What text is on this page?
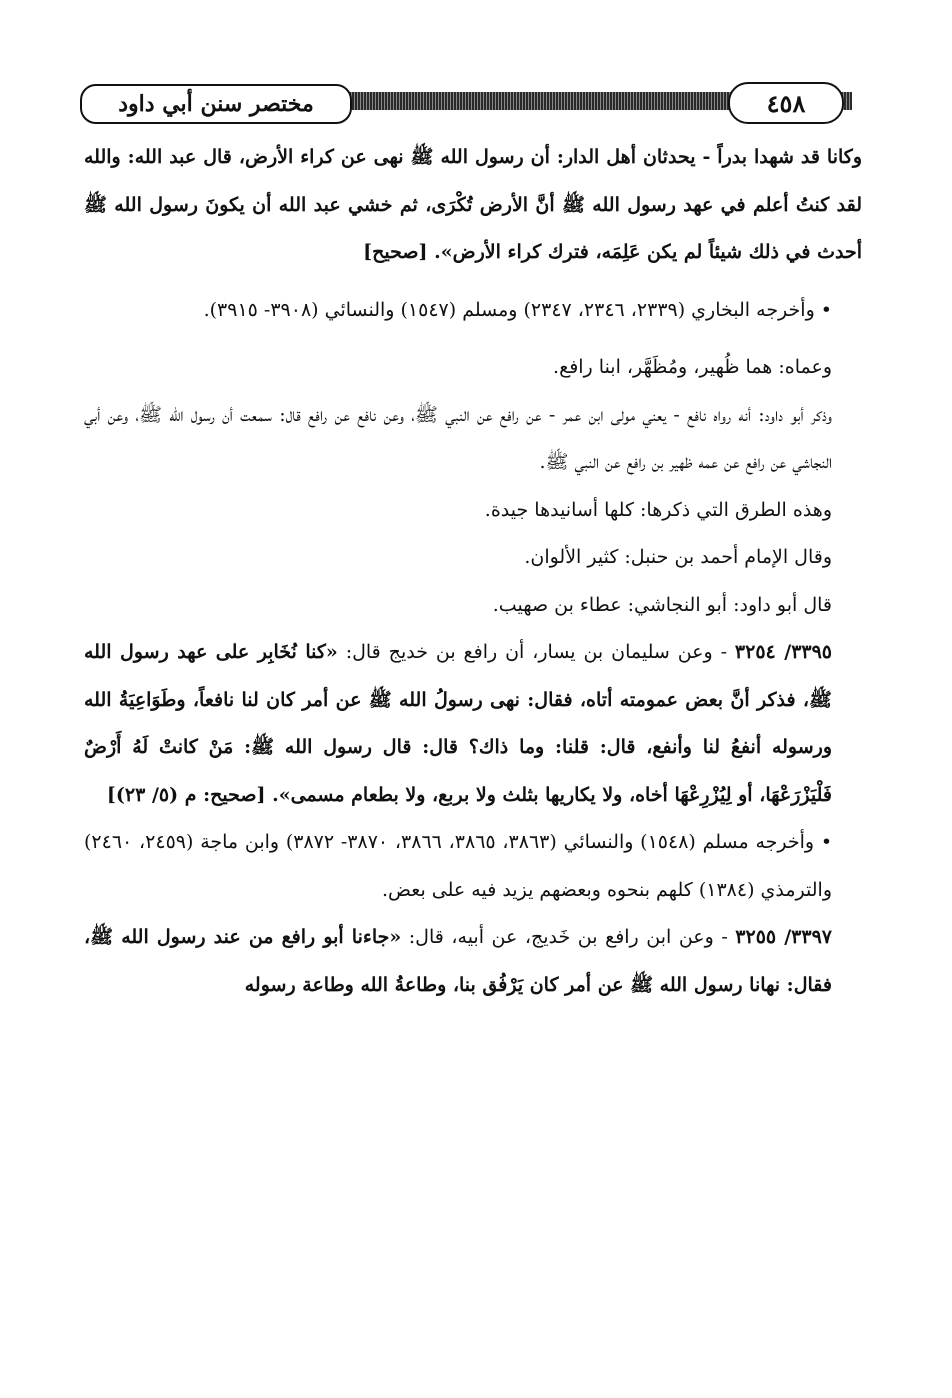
مختصر سنن أبي داود	٤٥٨

وكانا قد شهدا بدراً - يحدثان أهل الدار: أن رسول الله ﷺ نهى عن كراء الأرض، قال عبد الله: والله لقد كنتُ أعلم في عهد رسول الله ﷺ أنَّ الأرض تُكْرَى، ثم خشي عبد الله أن يكونَ رسول الله ﷺ أحدث في ذلك شيئاً لم يكن عَلِمَه، فترك كراء الأرض». [صحيح]

• وأخرجه البخاري (٢٣٣٩، ٢٣٤٦، ٢٣٤٧) ومسلم (١٥٤٧) والنسائي (٣٩٠٨- ٣٩١٥).

وعماه: هما ظُهير، ومُظَهَّر، ابنا رافع.

وذكر أبو داود: أنه رواه نافع - يعني مولى ابن عمر - عن رافع عن النبي ﷺ، وعن نافع عن رافع قال: سمعت أن رسول الله ﷺ، وعن أبي النجاشي عن رافع عن عمه ظهير بن رافع عن النبي ﷺ.

وهذه الطرق التي ذكرها: كلها أسانيدها جيدة.

وقال الإمام أحمد بن حنبل: كثير الألوان.

قال أبو داود: أبو النجاشي: عطاء بن صهيب.

٣٣٩٥/ ٣٢٥٤ - وعن سليمان بن يسار، أن رافع بن خديج قال: «كنا نُخَابِر على عهد رسول الله ﷺ، فذكر أنَّ بعض عمومته أتاه، فقال: نهى رسولُ الله ﷺ عن أمر كان لنا نافعاً، وطَوَاعِيَةُ الله ورسوله أنفعُ لنا وأنفع، قال: قلنا: وما ذاك؟ قال: قال رسول الله ﷺ: مَنْ كانتْ لَهُ أَرْضٌ فَلْيَزْرَعْهَا، أو لِيُزْرِعْهَا أخاه، ولا يكاريها بثلث ولا بربع، ولا بطعام مسمى». [صحيح: م (٥/ ٢٣)]

• وأخرجه مسلم (١٥٤٨) والنسائي (٣٨٦٣، ٣٨٦٥، ٣٨٦٦، ٣٨٧٠- ٣٨٧٢) وابن ماجة (٢٤٥٩، ٢٤٦٠) والترمذي (١٣٨٤) كلهم بنحوه وبعضهم يزيد فيه على بعض.

٣٣٩٧/ ٣٢٥٥ - وعن ابن رافع بن خَديج، عن أبيه، قال: «جاءنا أبو رافع من عند رسول الله ﷺ، فقال: نهانا رسول الله ﷺ عن أمر كان يَرْفُق بنا، وطاعةُ الله وطاعة رسوله
